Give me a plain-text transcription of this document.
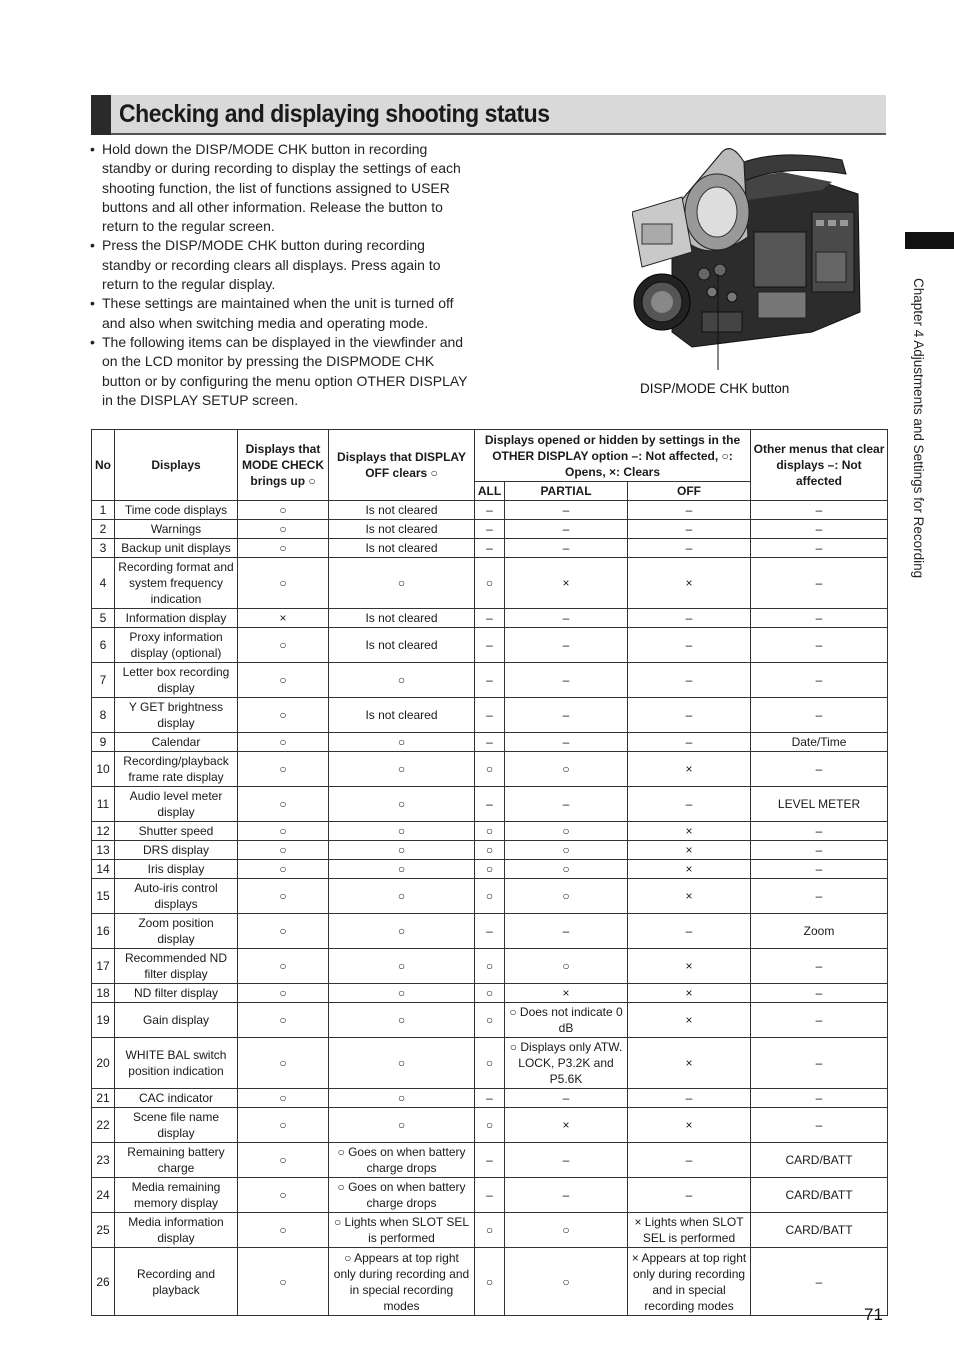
Checking and displaying shooting status
• Hold down the DISP/MODE CHK button in recording standby or during recording to display the settings of each shooting function, the list of functions assigned to USER buttons and all other information. Release the button to return to the regular screen.
• Press the DISP/MODE CHK button during recording standby or recording clears all displays. Press again to return to the regular display.
• These settings are maintained when the unit is turned off and also when switching media and operating mode.
• The following items can be displayed in the viewfinder and on the LCD monitor by pressing the DISPMODE CHK button or by configuring the menu option OTHER DISPLAY in the DISPLAY SETUP screen.
DISP/MODE CHK button	Chapter 4 Adjustments and Settings for Recording
No	Displays	Displays that MODE CHECK brings up ○	Displays that DISPLAY OFF clears ○	Displays opened or hidden by settings in the OTHER DISPLAY option –: Not affected, ○: Opens, ×: Clears			Other menus that clear displays –: Not affected
				ALL	PARTIAL	OFF	
1	Time code displays	○	Is not cleared	–	–	–	–
2	Warnings	○	Is not cleared	–	–	–	–
3	Backup unit displays	○	Is not cleared	–	–	–	–
4	Recording format and system frequency indication	○	○	○	×	×	–
5	Information display	×	Is not cleared	–	–	–	–
6	Proxy information display (optional)	○	Is not cleared	–	–	–	–
7	Letter box recording display	○	○	–	–	–	–
8	Y GET brightness display	○	Is not cleared	–	–	–	–
9	Calendar	○	○	–	–	–	Date/Time
10	Recording/playback frame rate display	○	○	○	○	×	–
11	Audio level meter display	○	○	–	–	–	LEVEL METER
12	Shutter speed	○	○	○	○	×	–
13	DRS display	○	○	○	○	×	–
14	Iris display	○	○	○	○	×	–
15	Auto-iris control displays	○	○	○	○	×	–
16	Zoom position display	○	○	–	–	–	Zoom
17	Recommended ND filter display	○	○	○	○	×	–
18	ND filter display	○	○	○	×	×	–
19	Gain display	○	○	○	○ Does not indicate 0 dB	×	–
20	WHITE BAL switch position indication	○	○	○	○ Displays only ATW. LOCK, P3.2K and P5.6K	×	–
21	CAC indicator	○	○	–	–	–	–
22	Scene file name display	○	○	○	×	×	–
23	Remaining battery charge	○	○ Goes on when battery charge drops	–	–	–	CARD/BATT
24	Media remaining memory display	○	○ Goes on when battery charge drops	–	–	–	CARD/BATT
25	Media information display	○	○ Lights when SLOT SEL is performed	○	○	× Lights when SLOT SEL is performed	CARD/BATT
26	Recording and playback	○	○ Appears at top right only during recording and in special recording modes	○	○	× Appears at top right only during recording and in special recording modes	–
71
